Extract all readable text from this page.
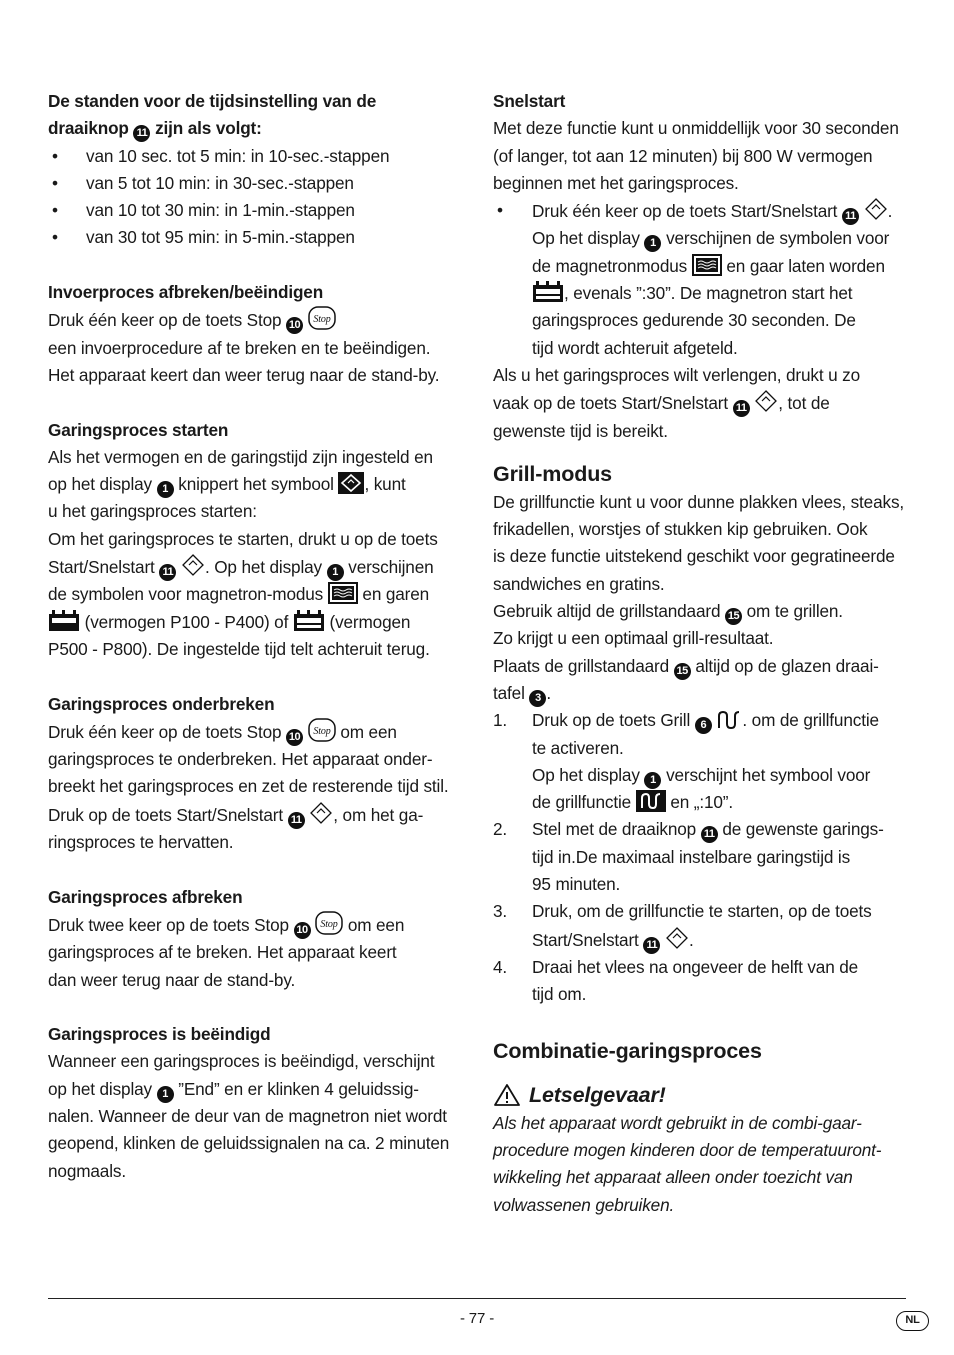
De standen voor de tijdsinstelling van de
draaiknop 11 zijn als volgt:
• van 10 sec. tot 5 min: in 10-sec.-stappen
• van 5 tot 10 min: in 30-sec.-stappen
• van 10 tot 30 min: in 1-min.-stappen
• van 30 tot 95 min: in 5-min.-stappen
Invoerproces afbreken/beëindigen

Druk één keer op de toets Stop 10 Stop

een invoerprocedure af te breken en te beëindigen.

Het apparaat keert dan weer terug naar de stand-by.

Garingsproces starten

Als het vermogen en de garingstijd zijn ingesteld en

op het display 1 knippert het symbool , kunt

u het garingsproces starten:

Om het garingsproces te starten, drukt u op de toets

Start/Snelstart 11 . Op het display 1 verschijnen

de symbolen voor magnetron-modus en garen

(vermogen P100 - P400) of (vermogen

P500 - P800). De ingestelde tijd telt achteruit terug.

Garingsproces onderbreken

Druk één keer op de toets Stop 10 Stop om een

garingsproces te onderbreken. Het apparaat onder-

breekt het garingsproces en zet de resterende tijd stil.

Druk op de toets Start/Snelstart 11 , om het ga-

ringsproces te hervatten.

Garingsproces afbreken

Druk twee keer op de toets Stop 10 Stop om een

garingsproces af te breken. Het apparaat keert

dan weer terug naar de stand-by.

Garingsproces is beëindigd

Wanneer een garingsproces is beëindigd, verschijnt

op het display 1 ”End” en er klinken 4 geluidssig-

nalen. Wanneer de deur van de magnetron niet wordt

geopend, klinken de geluidssignalen na ca. 2 minuten

nogmaals.

Snelstart

Met deze functie kunt u onmiddellijk voor 30 seconden

(of langer, tot aan 12 minuten) bij 800 W vermogen

beginnen met het garingsproces.

• Druk één keer op de toets Start/Snelstart 11 .
Op het display 1 verschijnen de symbolen voor
de magnetronmodus en gaar laten worden
, evenals ”:30”. De magnetron start het
garingsproces gedurende 30 seconden. De
tijd wordt achteruit afgeteld.

Als u het garingsproces wilt verlengen, drukt u zo

vaak op de toets Start/Snelstart 11 , tot de

gewenste tijd is bereikt.

Grill-modus

De grillfunctie kunt u voor dunne plakken vlees, steaks,

frikadellen, worstjes of stukken kip gebruiken. Ook

is deze functie uitstekend geschikt voor gegratineerde

sandwiches en gratins.

Gebruik altijd de grillstandaard 15 om te grillen.

Zo krijgt u een optimaal grill-resultaat.

Plaats de grillstandaard 15 altijd op de glazen draai-

tafel 3 .

1. Druk op de toets Grill 6 . om de grillfunctie
te activeren.
Op het display 1 verschijnt het symbool voor
de grillfunctie en „:10”.
2. Stel met de draaiknop 11 de gewenste garings-
tijd in.De maximaal instelbare garingstijd is
95 minuten.
3. Druk, om de grillfunctie te starten, op de toets
Start/Snelstart 11 .
4. Draai het vlees na ongeveer de helft van de
tijd om.
Combinatie-garingsproces
Letselgevaar!

Als het apparaat wordt gebruikt in de combi-gaar-

procedure mogen kinderen door de temperatuuront-

wikkeling het apparaat alleen onder toezicht van

volwassenen gebruiken.

- 77 -	NL
